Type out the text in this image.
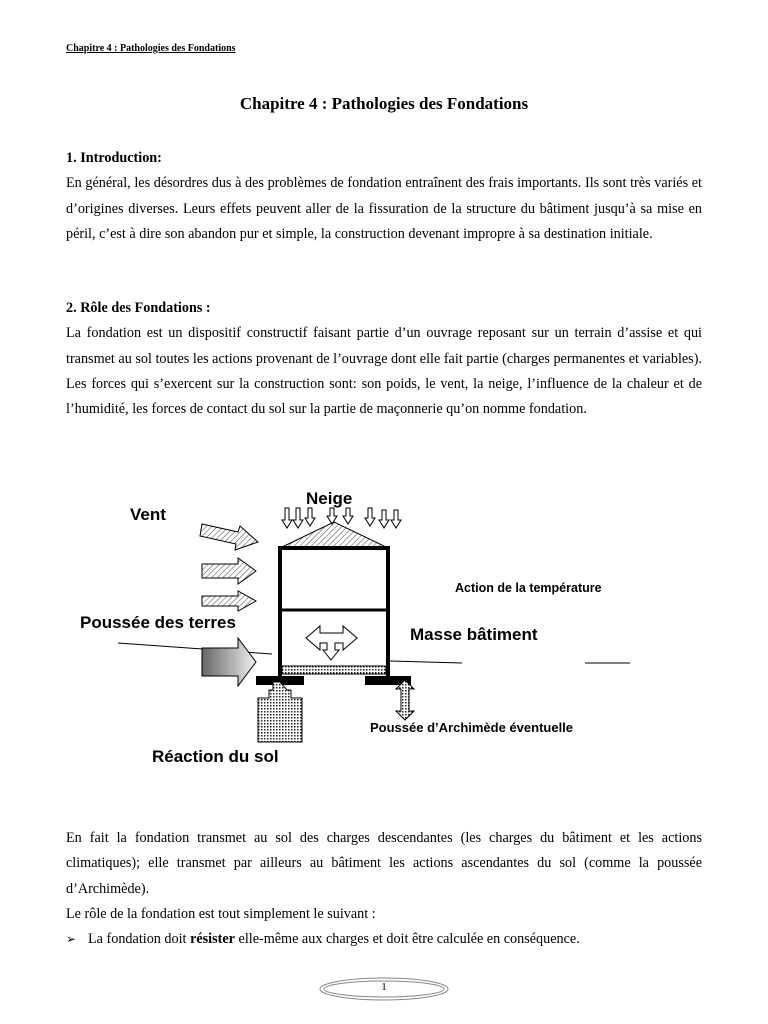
Chapitre 4 : Pathologies des Fondations
Chapitre 4 : Pathologies des Fondations

1. Introduction:

En général, les désordres dus à des problèmes de fondation entraînent des frais importants. Ils sont très variés et d’origines diverses. Leurs effets peuvent aller de la fissuration de la structure du bâtiment jusqu’à sa mise en péril, c’est à dire son abandon pur et simple, la construction devenant impropre à sa destination initiale.

2. Rôle des Fondations :

La fondation est un dispositif constructif faisant partie d’un ouvrage reposant sur un terrain d’assise et qui transmet au sol toutes les actions provenant de l’ouvrage dont elle fait partie (charges permanentes et variables).

Les forces qui s’exercent sur la construction sont: son poids, le vent, la neige, l’influence de la chaleur et de l’humidité, les forces de contact du sol sur la partie de maçonnerie qu’on nomme fondation.

Vent
Neige
Action de la température
Poussée des terres
Masse bâtiment
Poussée d’Archimède éventuelle
Réaction du sol

En fait la fondation transmet au sol des charges descendantes (les charges du bâtiment et les actions climatiques); elle transmet par ailleurs au bâtiment les actions ascendantes du sol (comme la poussée d’Archimède).

Le rôle de la fondation est tout simplement le suivant :

➢ La fondation doit résister elle-même aux charges et doit être calculée en conséquence.
1
